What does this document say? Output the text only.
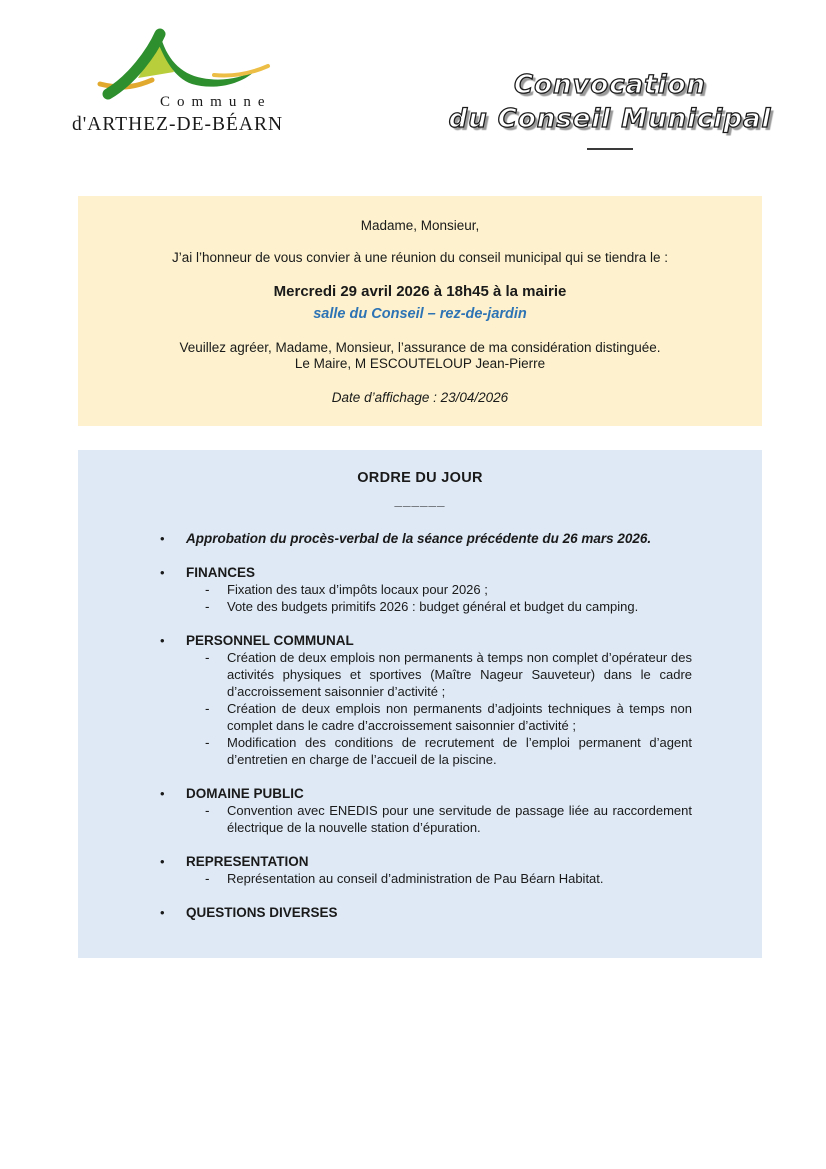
Commune
d'ARTHEZ-DE-BÉARN
Convocation
du Conseil Municipal

Madame, Monsieur,

J’ai l’honneur de vous convier à une réunion du conseil municipal qui se tiendra le :

Mercredi 29 avril 2026 à 18h45 à la mairie

salle du Conseil – rez-de-jardin

Veuillez agréer, Madame, Monsieur, l’assurance de ma considération distinguée.

Le Maire, M ESCOUTELOUP Jean-Pierre

Date d’affichage : 23/04/2026

ORDRE DU JOUR
______
•	Approbation du procès-verbal de la séance précédente du 26 mars 2026.
•	FINANCES
-	Fixation des taux d’impôts locaux pour 2026 ;
-	Vote des budgets primitifs 2026 : budget général et budget du camping.
•	PERSONNEL COMMUNAL
-	Création de deux emplois non permanents à temps non complet d’opérateur des activités physiques et sportives (Maître Nageur Sauveteur) dans le cadre d’accroissement saisonnier d’activité ;
-	Création de deux emplois non permanents d’adjoints techniques à temps non complet dans le cadre d’accroissement saisonnier d’activité ;
-	Modification des conditions de recrutement de l’emploi permanent d’agent d’entretien en charge de l’accueil de la piscine.
•	DOMAINE PUBLIC
-	Convention avec ENEDIS pour une servitude de passage liée au raccordement électrique de la nouvelle station d’épuration.
•	REPRESENTATION
-	Représentation au conseil d’administration de Pau Béarn Habitat.
•	QUESTIONS DIVERSES
